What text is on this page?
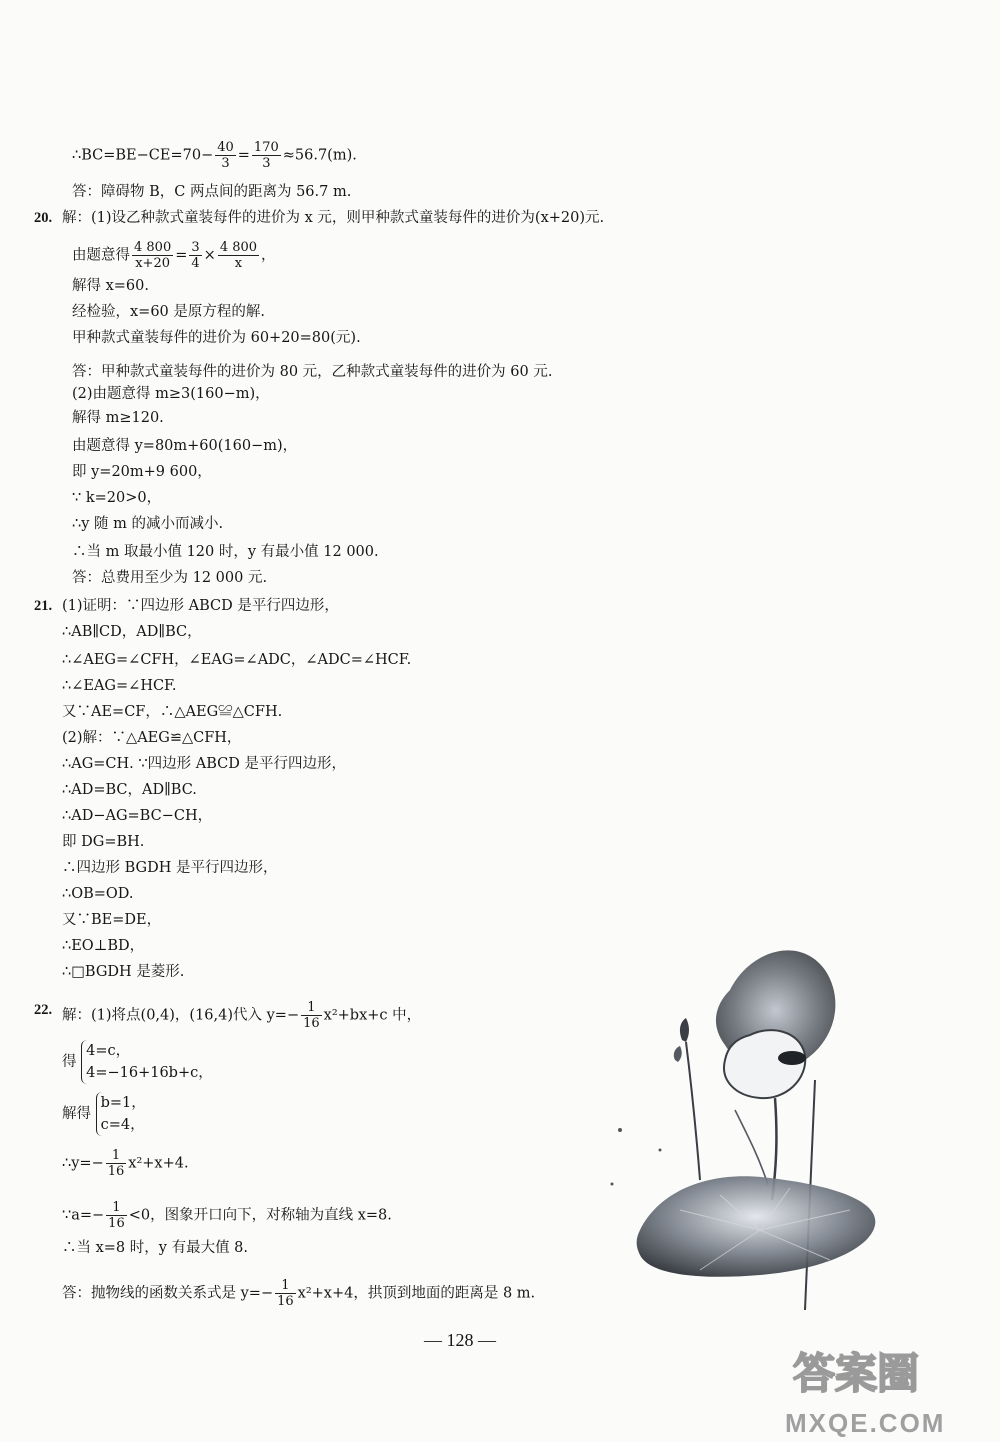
∴BC=BE−CE=70− $\frac{40}{3} = \frac{170}{3} \approx 56.7(m)$.
答：障碍物 B，C 两点间的距离为 56.7 m.
20. 解：(1)设乙种款式童装每件的进价为 x 元，则甲种款式童装每件的进价为(x+20)元.
由题意得 $\frac{4 800}{x+20} = \frac{3}{4} \times \frac{4 800}{x}$ ，
解得 x=60.
经检验，x=60 是原方程的解.
甲种款式童装每件的进价为 60+20=80(元).
答：甲种款式童装每件的进价为 80 元，乙种款式童装每件的进价为 60 元.
(2)由题意得 m≥3(160−m)，
解得 m≥120.
由题意得 y=80m+60(160−m)，
即 y=20m+9 600，
∵ k=20>0，
∴y 随 m 的减小而减小.
∴当 m 取最小值 120 时，y 有最小值 12 000.
答：总费用至少为 12 000 元.
21. (1)证明：∵四边形 ABCD 是平行四边形，
∴AB∥CD，AD∥BC，
∴∠AEG=∠CFH，∠EAG=∠ADC，∠ADC=∠HCF.
∴∠EAG=∠HCF.
又∵AE=CF，∴△AEG≌△CFH.
(2)解：∵△AEG≌△CFH，
∴AG=CH. ∵四边形 ABCD 是平行四边形，
∴AD=BC，AD∥BC.
∴AD−AG=BC−CH，
即 DG=BH.
∴四边形 BGDH 是平行四边形，
∴OB=OD.
又∵BE=DE，
∴EO⊥BD，
∴□BGDH 是菱形.
22. 解：(1)将点(0,4)，(16,4)代入 $y=- \frac{1}{16} x^2+bx+c$ 中，
得
4=c，
4=−16+16b+c，
解得
b=1，
c=4，
∴y=− $\frac{1}{16} x^2+x+4$.
∵a=− $\frac{1}{16} <0$，图象开口向下，对称轴为直线 x=8.
∴当 x=8 时，y 有最大值 8.
答：抛物线的函数关系式是 $y=- \frac{1}{16} x^2+x+4$，拱顶到地面的距离是 8 m.
— 128 —
答案圈
MXQE.COM
